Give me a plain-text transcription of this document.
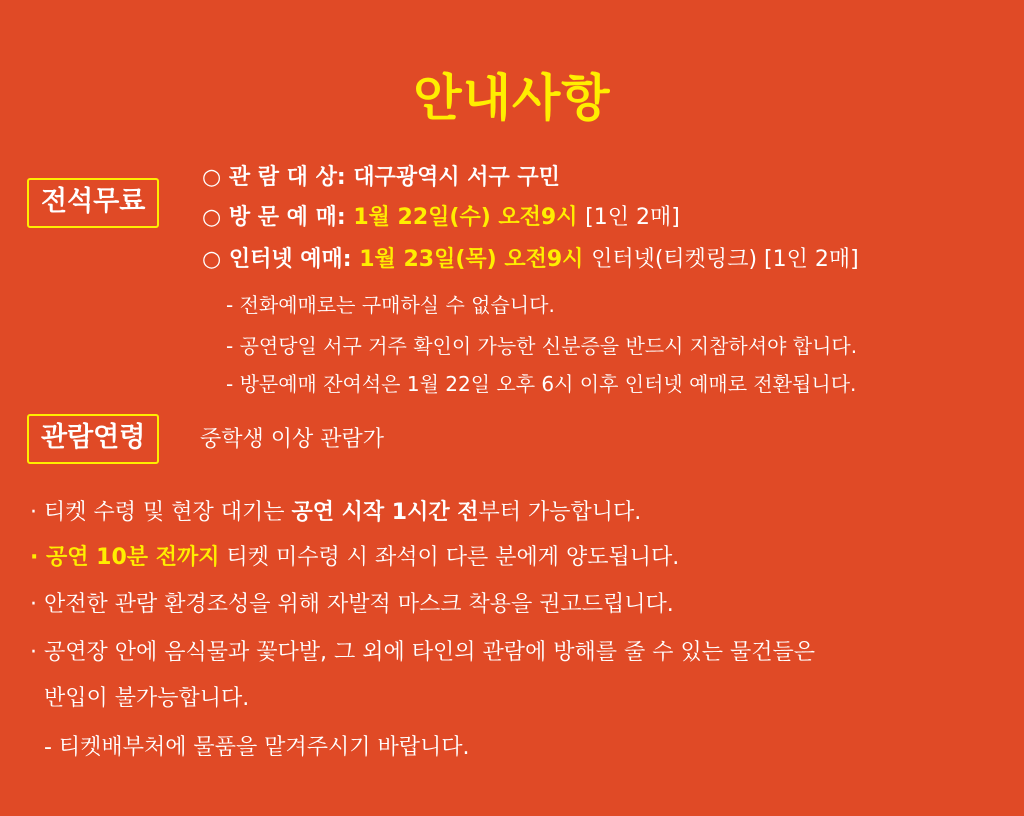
안내사항
전석무료
○ 관 람 대 상: 대구광역시 서구 구민
○ 방 문 예 매: 1월 22일(수) 오전9시 [1인 2매]
○ 인터넷 예매: 1월 23일(목) 오전9시 인터넷(티켓링크) [1인 2매]
- 전화예매로는 구매하실 수 없습니다.
- 공연당일 서구 거주 확인이 가능한 신분증을 반드시 지참하셔야 합니다.
- 방문예매 잔여석은 1월 22일 오후 6시 이후 인터넷 예매로 전환됩니다.
관람연령	중학생 이상 관람가
· 티켓 수령 및 현장 대기는 공연 시작 1시간 전부터 가능합니다.
· 공연 10분 전까지 티켓 미수령 시 좌석이 다른 분에게 양도됩니다.
· 안전한 관람 환경조성을 위해 자발적 마스크 착용을 권고드립니다.
· 공연장 안에 음식물과 꽃다발, 그 외에 타인의 관람에 방해를 줄 수 있는 물건들은
반입이 불가능합니다.
- 티켓배부처에 물품을 맡겨주시기 바랍니다.
